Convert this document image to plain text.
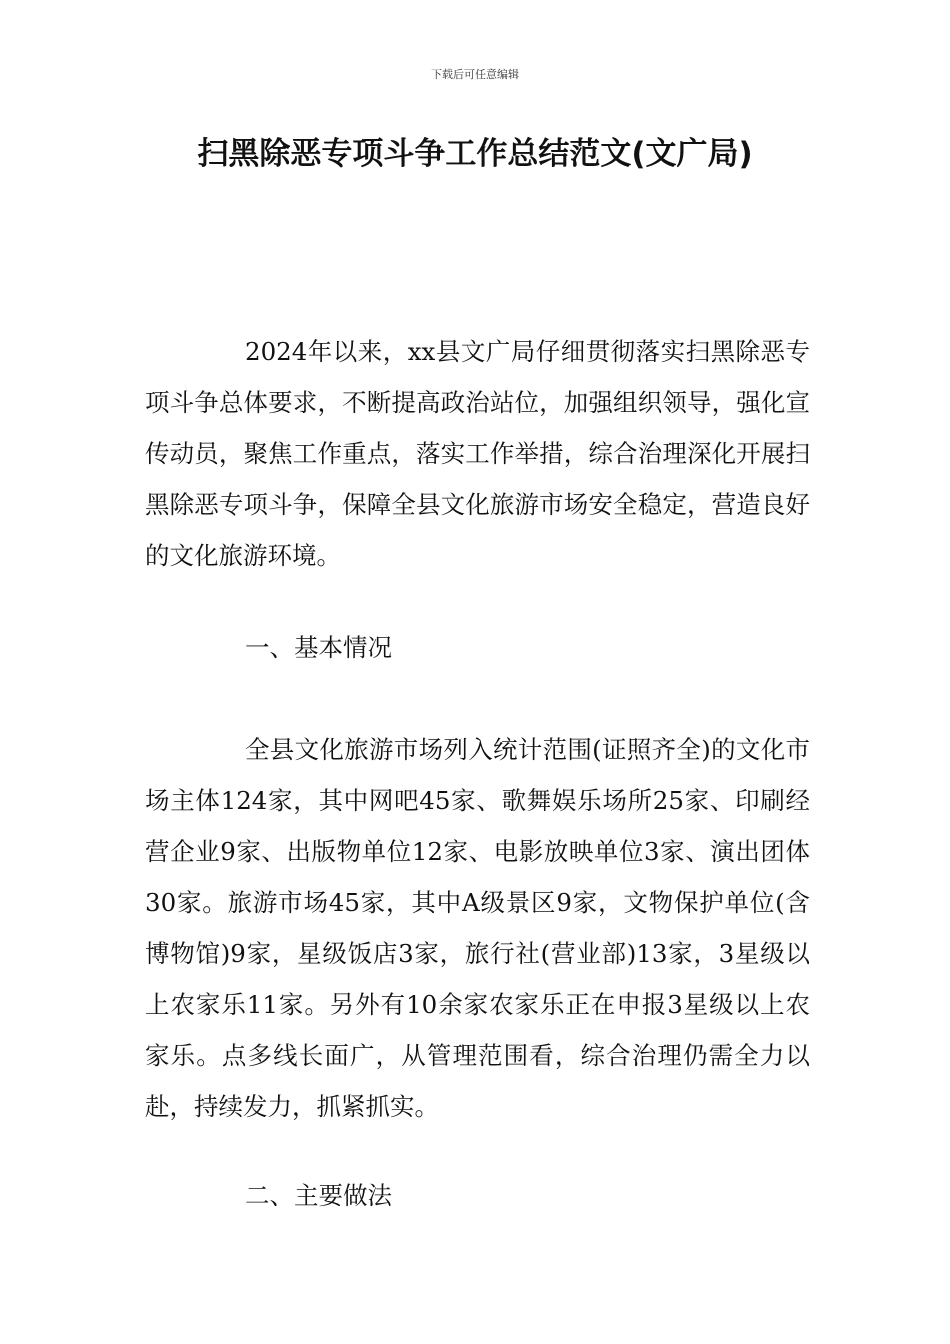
下载后可任意编辑
扫黑除恶专项斗争工作总结范文(文广局)

2024年以来，xx县文广局仔细贯彻落实扫黑除恶专项斗争总体要求，不断提高政治站位，加强组织领导，强化宣传动员，聚焦工作重点，落实工作举措，综合治理深化开展扫黑除恶专项斗争，保障全县文化旅游市场安全稳定，营造良好的文化旅游环境。

一、基本情况

全县文化旅游市场列入统计范围(证照齐全)的文化市场主体124家，其中网吧45家、歌舞娱乐场所25家、印刷经营企业9家、出版物单位12家、电影放映单位3家、演出团体30家。旅游市场45家，其中A级景区9家，文物保护单位(含博物馆)9家，星级饭店3家，旅行社(营业部)13家，3星级以上农家乐11家。另外有10余家农家乐正在申报3星级以上农家乐。点多线长面广，从管理范围看，综合治理仍需全力以赴，持续发力，抓紧抓实。

二、主要做法
